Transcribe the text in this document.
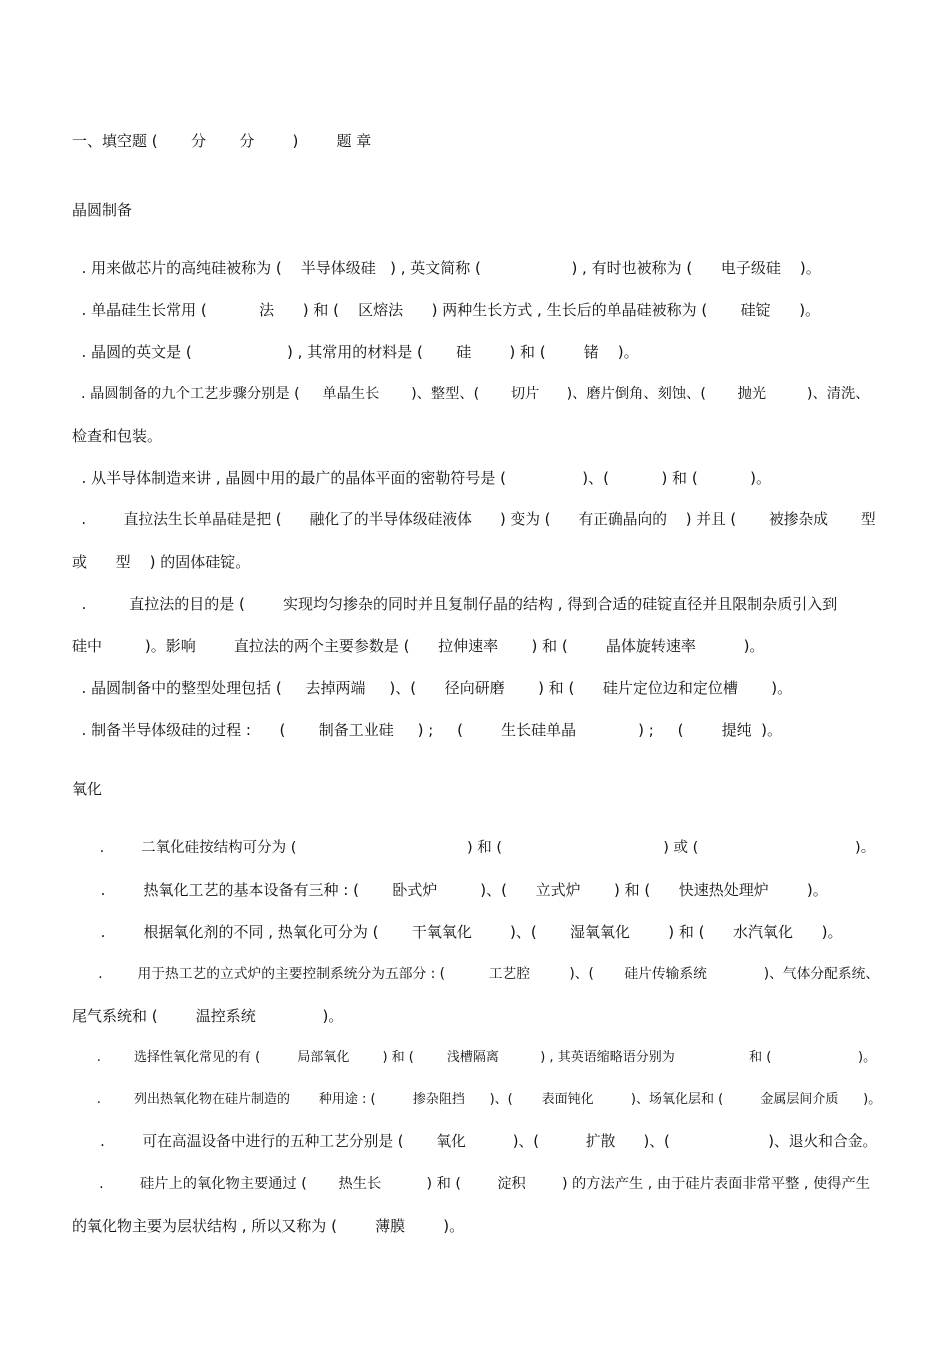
一、填空题 (       分       分        )        题 章
晶圆制备
. 用来做芯片的高纯硅被称为 (    半导体级硅   ) , 英文简称 (                   ) , 有时也被称为 (      电子级硅    )。
. 单晶硅生长常用 (           法      ) 和 (    区熔法      ) 两种生长方式 , 生长后的单晶硅被称为 (       硅锭      )。
. 晶圆的英文是 (                    ) , 其常用的材料是 (       硅        ) 和 (        锗    )。
. 晶圆制备的九个工艺步骤分别是 (     单晶生长       )、整型、(       切片      )、磨片倒角、刻蚀、(       抛光         )、清洗、
检查和包装。
. 从半导体制造来讲 , 晶圆中用的最广的晶体平面的密勒符号是 (                )、(           ) 和 (           )。
.        直拉法生长单晶硅是把 (      融化了的半导体级硅液体      ) 变为 (      有正确晶向的    ) 并且 (       被掺杂成       型
或      型    ) 的固体硅锭。
.         直拉法的目的是 (        实现均匀掺杂的同时并且复制仔晶的结构 , 得到合适的硅锭直径并且限制杂质引入到
硅中         )。影响        直拉法的两个主要参数是 (      拉伸速率       ) 和 (        晶体旋转速率          )。
. 晶圆制备中的整型处理包括 (     去掉两端     )、(      径向研磨       ) 和 (      硅片定位边和定位槽       )。
. 制备半导体级硅的过程 :      (       制备工业硅     ) ;     (        生长硅单晶             ) ;     (        提纯  )。
氧化
.        二氧化硅按结构可分为 (                                     ) 和 (                                   ) 或 (                                  )。
.        热氧化工艺的基本设备有三种 : (       卧式炉         )、(      立式炉       ) 和 (      快速热处理炉        )。
.        根据氧化剂的不同 , 热氧化可分为 (       干氧氧化        )、(       湿氧氧化        ) 和 (      水汽氧化      )。
.        用于热工艺的立式炉的主要控制系统分为五部分 : (          工艺腔         )、(       硅片传输系统             )、气体分配系统、
尾气系统和 (        温控系统              )。
.        选择性氧化常见的有 (         局部氧化        ) 和 (        浅槽隔离          ) , 其英语缩略语分别为                  和 (                     )。
.        列出热氧化物在硅片制造的       种用途 : (         掺杂阻挡      )、(       表面钝化         )、场氧化层和 (         金属层间介质      )。
.        可在高温设备中进行的五种工艺分别是 (       氧化          )、(          扩散      )、(                     )、退火和合金。
.        硅片上的氧化物主要通过 (       热生长          ) 和 (        淀积        ) 的方法产生 , 由于硅片表面非常平整 , 使得产生
的氧化物主要为层状结构 , 所以又称为 (        薄膜        )。
